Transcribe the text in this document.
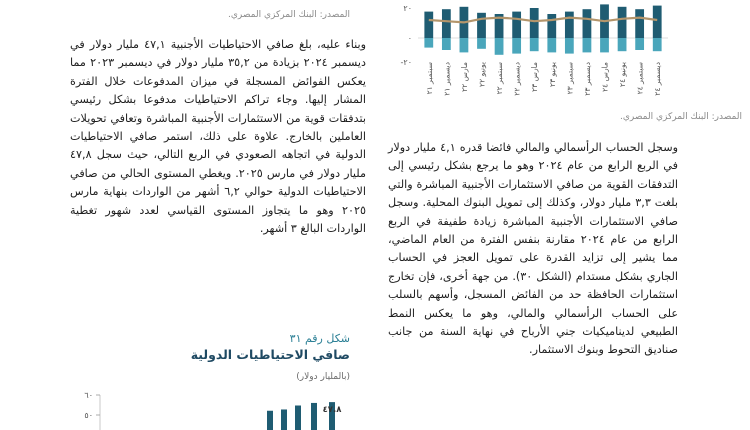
المصدر: البنك المركزي المصري.

وبناء عليه، بلغ صافي الاحتياطيات الأجنبية ٤٧,١ مليار دولار في ديسمبر ٢٠٢٤ بزيادة من ٣٥,٢ مليار دولار في ديسمبر ٢٠٢٣ مما يعكس الفوائض المسجلة في ميزان المدفوعات خلال الفترة المشار إليها. وجاء تراكم الاحتياطيات مدفوعا بشكل رئيسي بتدفقات قوية من الاستثمارات الأجنبية المباشرة وتعافي تحويلات العاملين بالخارج. علاوة على ذلك، استمر صافي الاحتياطيات الدولية في اتجاهه الصعودي في الربع التالي، حيث سجل ٤٧,٨ مليار دولار في مارس ٢٠٢٥. ويغطي المستوى الحالي من صافي الاحتياطيات الدولية حوالي ٦,٢ أشهر من الواردات بنهاية مارس ٢٠٢٥ وهو ما يتجاوز المستوى القياسي لعدد شهور تغطية الواردات البالغ ٣ أشهر.

شكل رقم ٣١
صافي الاحتياطيات الدولية
(بالمليار دولار)
٦٠
٥٠
٤٧.٨
٢٠
٠
-٢٠
سبتمبر ٢١
ديسمبر ٢١
مارس ٢٢ يونيو ٢٢
سبتمبر ٢٢
ديسمبر ٢٢
مارس ٢٣ يونيو ٢٣
سبتمبر ٢٣
ديسمبر ٢٣
مارس ٢٤ يونيو ٢٤
سبتمبر ٢٤
ديسمبر ٢٤
المصدر: البنك المركزي المصري.

وسجل الحساب الرأسمالي والمالي فائضا قدره ٤,١ مليار دولار في الربع الرابع من عام ٢٠٢٤ وهو ما يرجع بشكل رئيسي إلى التدفقات القوية من صافي الاستثمارات الأجنبية المباشرة والتي بلغت ٣,٣ مليار دولار، وكذلك إلى تمويل البنوك المحلية. وسجل صافي الاستثمارات الأجنبية المباشرة زيادة طفيفة في الربع الرابع من عام ٢٠٢٤ مقارنة بنفس الفترة من العام الماضي، مما يشير إلى تزايد القدرة على تمويل العجز في الحساب الجاري بشكل مستدام (الشكل ٣٠). من جهة أخرى، فإن تخارج استثمارات الحافظة حد من الفائض المسجل، وأسهم بالسلب على الحساب الرأسمالي والمالي، وهو ما يعكس النمط الطبيعي لديناميكيات جني الأرباح في نهاية السنة من جانب صناديق التحوط وبنوك الاستثمار.
